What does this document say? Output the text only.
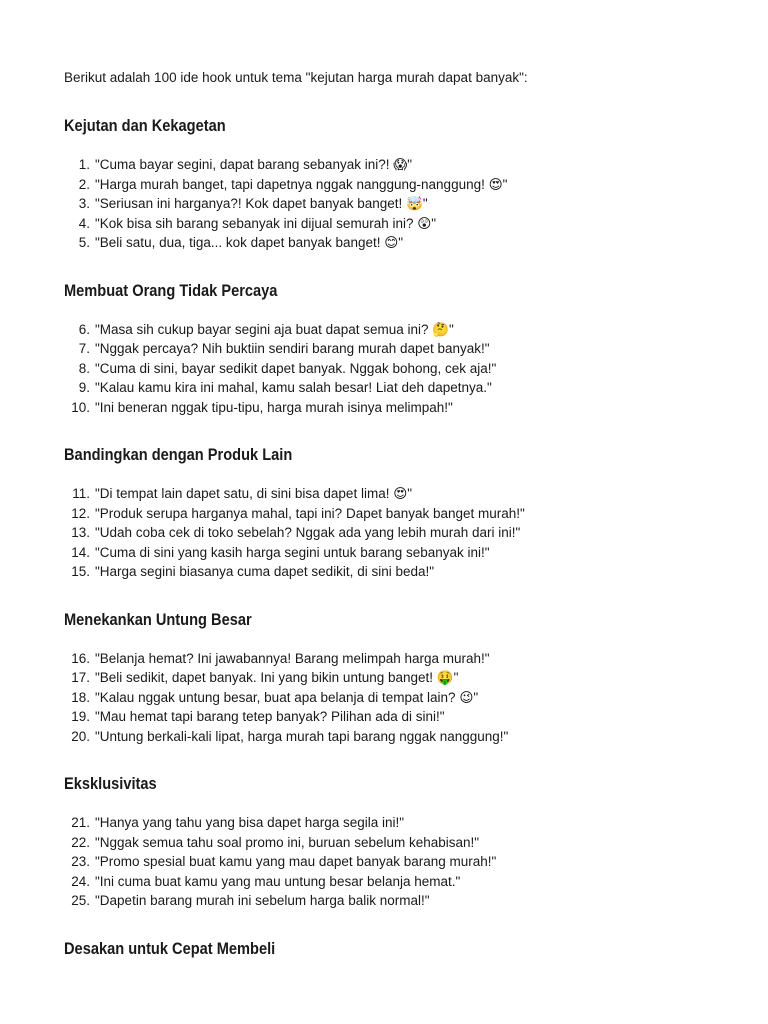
Berikut adalah 100 ide hook untuk tema "kejutan harga murah dapat banyak":

Kejutan dan Kekagetan
1. "Cuma bayar segini, dapat barang sebanyak ini?! 😱"
2. "Harga murah banget, tapi dapetnya nggak nanggung-nanggung! 😍"
3. "Seriusan ini harganya?! Kok dapet banyak banget! 🤯"
4. "Kok bisa sih barang sebanyak ini dijual semurah ini? 😲"
5. "Beli satu, dua, tiga... kok dapet banyak banget! 😊"
Membuat Orang Tidak Percaya
6. "Masa sih cukup bayar segini aja buat dapat semua ini? 🤔"
7. "Nggak percaya? Nih buktiin sendiri barang murah dapet banyak!"
8. "Cuma di sini, bayar sedikit dapet banyak. Nggak bohong, cek aja!"
9. "Kalau kamu kira ini mahal, kamu salah besar! Liat deh dapetnya."
10. "Ini beneran nggak tipu-tipu, harga murah isinya melimpah!"
Bandingkan dengan Produk Lain
11. "Di tempat lain dapet satu, di sini bisa dapet lima! 😍"
12. "Produk serupa harganya mahal, tapi ini? Dapet banyak banget murah!"
13. "Udah coba cek di toko sebelah? Nggak ada yang lebih murah dari ini!"
14. "Cuma di sini yang kasih harga segini untuk barang sebanyak ini!"
15. "Harga segini biasanya cuma dapet sedikit, di sini beda!"
Menekankan Untung Besar
16. "Belanja hemat? Ini jawabannya! Barang melimpah harga murah!"
17. "Beli sedikit, dapet banyak. Ini yang bikin untung banget! 🤑"
18. "Kalau nggak untung besar, buat apa belanja di tempat lain? 😉"
19. "Mau hemat tapi barang tetep banyak? Pilihan ada di sini!"
20. "Untung berkali-kali lipat, harga murah tapi barang nggak nanggung!"
Eksklusivitas
21. "Hanya yang tahu yang bisa dapet harga segila ini!"
22. "Nggak semua tahu soal promo ini, buruan sebelum kehabisan!"
23. "Promo spesial buat kamu yang mau dapet banyak barang murah!"
24. "Ini cuma buat kamu yang mau untung besar belanja hemat."
25. "Dapetin barang murah ini sebelum harga balik normal!"
Desakan untuk Cepat Membeli
